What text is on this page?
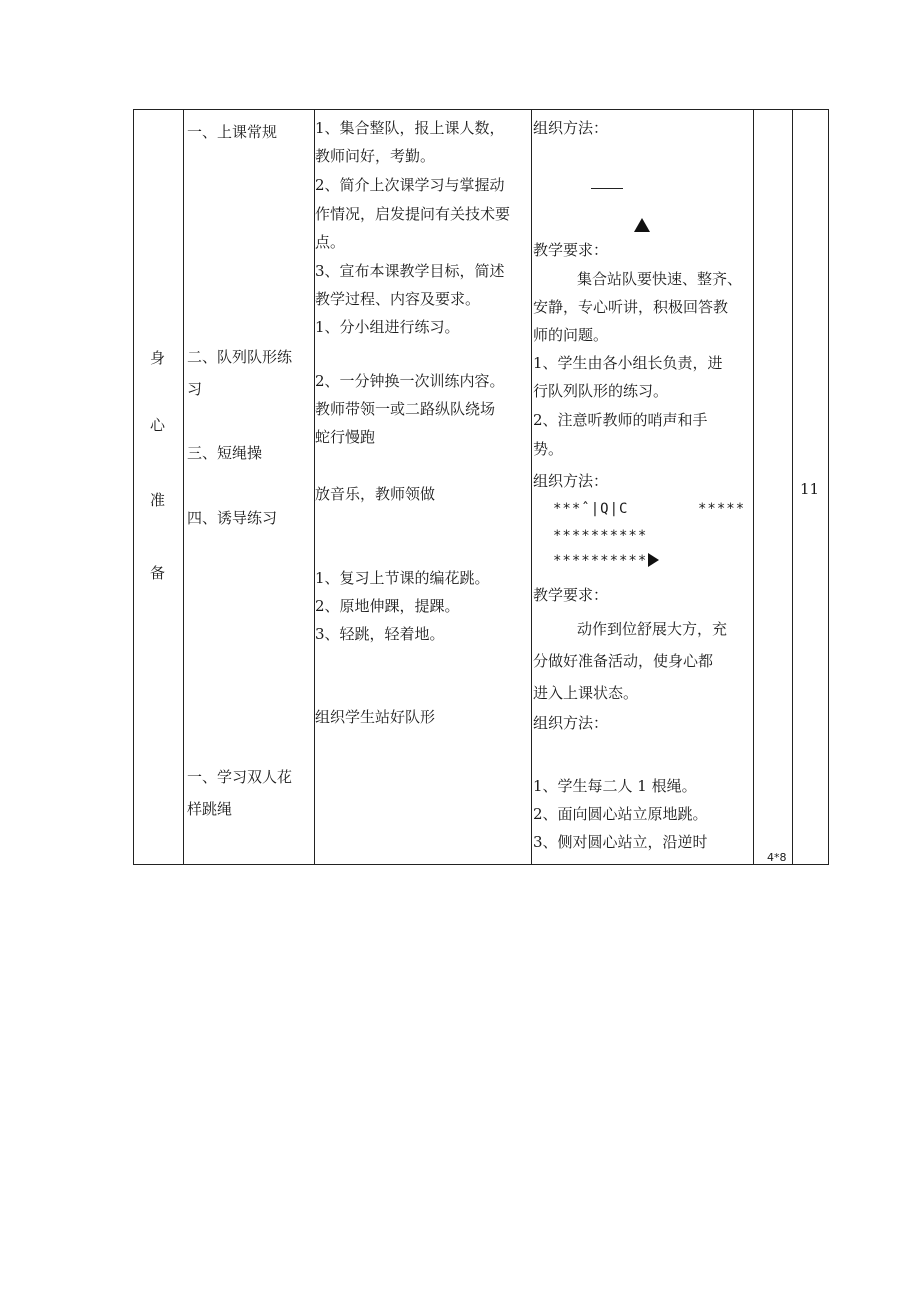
身
心
准
备
一、上课常规
二、队列队形练
习
三、短绳操
四、诱导练习
一、学习双人花
样跳绳
1、集合整队，报上课人数，
教师问好，考勤。
2、简介上次课学习与掌握动
作情况，启发提问有关技术要
点。
3、宣布本课教学目标，简述
教学过程、内容及要求。
1、分小组进行练习。
2、一分钟换一次训练内容。
教师带领一或二路纵队绕场
蛇行慢跑
放音乐，教师领做
1、复习上节课的编花跳。
2、原地伸踝，提踝。
3、轻跳，轻着地。
组织学生站好队形
组织方法：
教学要求：
集合站队要快速、整齐、
安静，专心听讲，积极回答教
师的问题。
1、学生由各小组长负责，进
行队列队形的练习。
2、注意听教师的哨声和手
势。
组织方法：
***ˆ|Q|C	*****
**********
**********
教学要求：
动作到位舒展大方，充
分做好准备活动，使身心都
进入上课状态。
组织方法：
1、学生每二人 1 根绳。
2、面向圆心站立原地跳。
3、侧对圆心站立，沿逆时
4*8
11
